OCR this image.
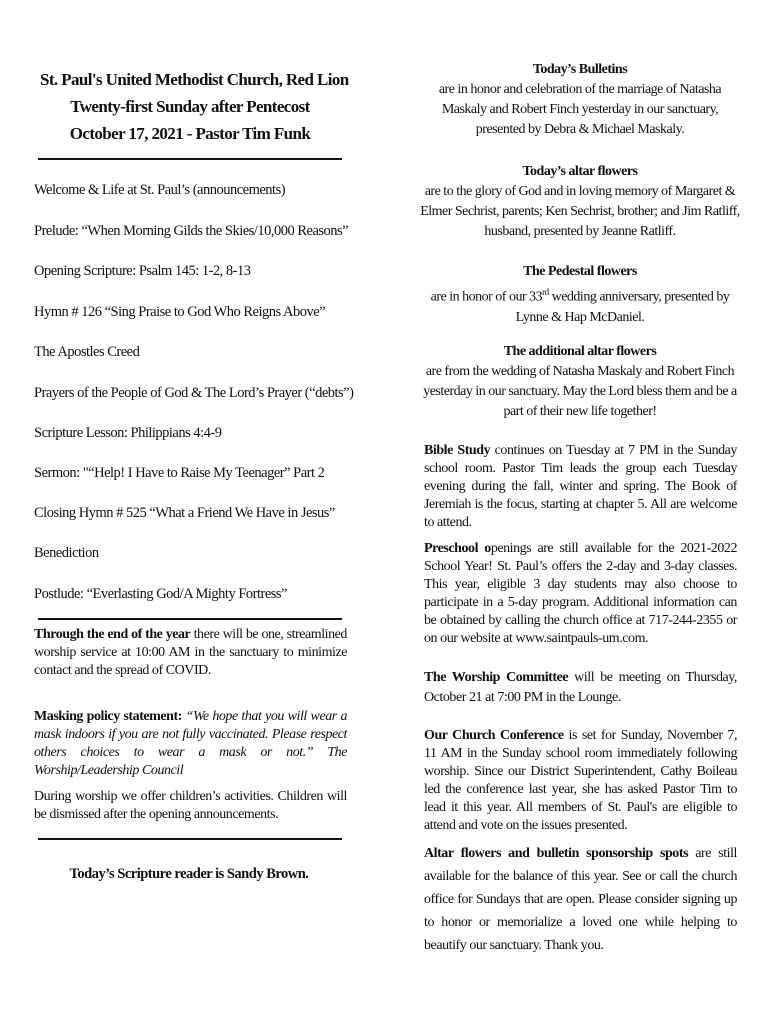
St. Paul's United Methodist Church, Red Lion
Twenty-first Sunday after Pentecost
October 17, 2021 - Pastor Tim Funk
Welcome & Life at St. Paul’s (announcements)
Prelude: “When Morning Gilds the Skies/10,000 Reasons”
Opening Scripture: Psalm 145: 1-2, 8-13
Hymn # 126 “Sing Praise to God Who Reigns Above”
The Apostles Creed
Prayers of the People of God & The Lord’s Prayer (“debts”)
Scripture Lesson: Philippians 4:4-9
Sermon: "“Help! I Have to Raise My Teenager” Part 2
Closing Hymn # 525 “What a Friend We Have in Jesus”
Benediction
Postlude: “Everlasting God/A Mighty Fortress”

Through the end of the year there will be one, streamlined worship service at 10:00 AM in the sanctuary to minimize contact and the spread of COVID.

Masking policy statement: “We hope that you will wear a mask indoors if you are not fully vaccinated. Please respect others choices to wear a mask or not.” The Worship/Leadership Council

During worship we offer children’s activities. Children will be dismissed after the opening announcements.

Today’s Scripture reader is Sandy Brown.
Today’s Bulletins
are in honor and celebration of the marriage of Natasha Maskaly and Robert Finch yesterday in our sanctuary, presented by Debra & Michael Maskaly.
Today’s altar flowers
are to the glory of God and in loving memory of Margaret & Elmer Sechrist, parents; Ken Sechrist, brother; and Jim Ratliff, husband, presented by Jeanne Ratliff.
The Pedestal flowers
are in honor of our 33rd wedding anniversary, presented by Lynne & Hap McDaniel.
The additional altar flowers
are from the wedding of Natasha Maskaly and Robert Finch yesterday in our sanctuary. May the Lord bless them and be a part of their new life together!

Bible Study continues on Tuesday at 7 PM in the Sunday school room. Pastor Tim leads the group each Tuesday evening during the fall, winter and spring. The Book of Jeremiah is the focus, starting at chapter 5. All are welcome to attend.

Preschool openings are still available for the 2021-2022 School Year! St. Paul’s offers the 2-day and 3-day classes. This year, eligible 3 day students may also choose to participate in a 5-day program. Additional information can be obtained by calling the church office at 717-244-2355 or on our website at www.saintpauls-um.com.

The Worship Committee will be meeting on Thursday, October 21 at 7:00 PM in the Lounge.

Our Church Conference is set for Sunday, November 7, 11 AM in the Sunday school room immediately following worship. Since our District Superintendent, Cathy Boileau led the conference last year, she has asked Pastor Tim to lead it this year. All members of St. Paul's are eligible to attend and vote on the issues presented.

Altar flowers and bulletin sponsorship spots are still available for the balance of this year. See or call the church office for Sundays that are open. Please consider signing up to honor or memorialize a loved one while helping to beautify our sanctuary. Thank you.
